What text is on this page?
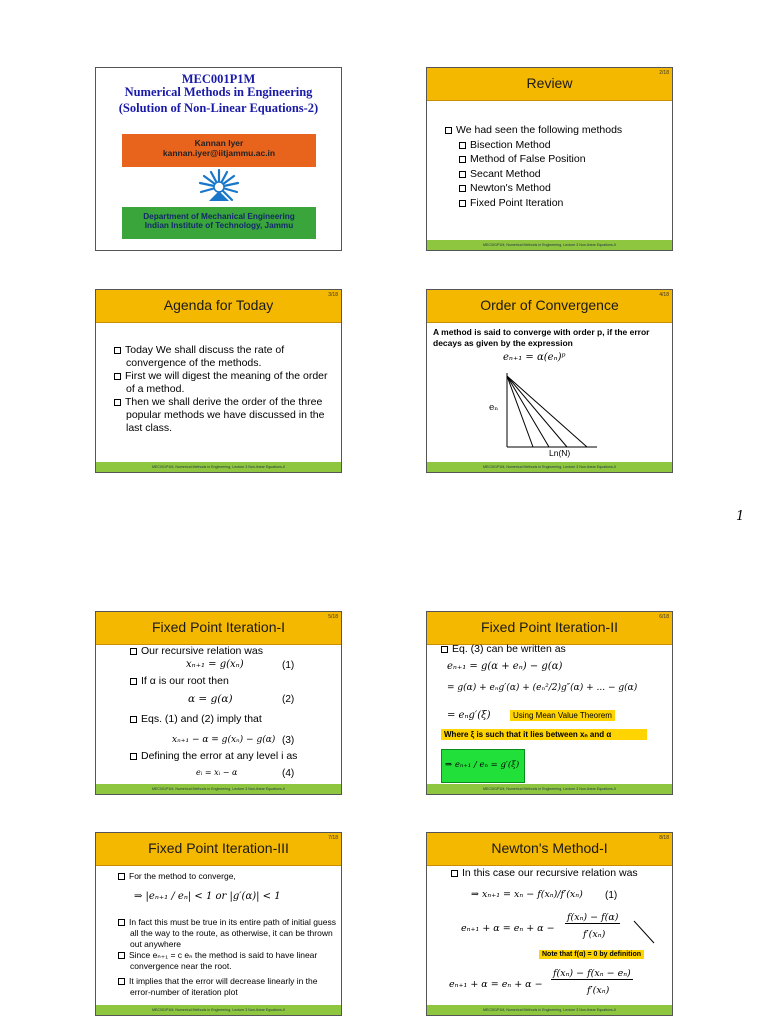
MEC001P1M
Numerical Methods in Engineering
(Solution of Non-Linear Equations-2)
Kannan Iyer
kannan.iyer@iitjammu.ac.in
Department of Mechanical Engineering
Indian Institute of Technology, Jammu
Review
2/18
We had seen the following methods
Bisection Method
Method of False Position
Secant Method
Newton's Method
Fixed Point Iteration
MEC001P1M, Numerical Methods in Engineering, Lecture 3 Non-linear Equations-II
Agenda for Today
3/18
Today We shall discuss the rate of convergence of the methods.
First we will digest the meaning of the order of a method.
Then we shall derive the order of the three popular methods we have discussed in the last class.
MEC001P1M, Numerical Methods in Engineering, Lecture 3 Non-linear Equations-II
Order of Convergence
4/18
A method is said to converge with order p, if the error decays as given by the expression
eₙ₊₁ = α(eₙ)ᵖ
eₙ
Ln(N)
MEC001P1M, Numerical Methods in Engineering, Lecture 3 Non-linear Equations-II
1
Fixed Point Iteration-I
5/18
Our recursive relation was
xₙ₊₁ = g(xₙ)	(1)
If α is our root then
α = g(α)	(2)
Eqs. (1) and (2) imply that
xₙ₊₁ − α = g(xₙ) − g(α) (3)
Defining the error at any level i as
eᵢ = xᵢ − α	(4)
MEC001P1M, Numerical Methods in Engineering, Lecture 3 Non-linear Equations-II
Fixed Point Iteration-II
6/18
Eq. (3) can be written as
eₙ₊₁ = g(α + eₙ) − g(α)
= g(α) + eₙg′(α) + (eₙ²/2)g″(α) + ... − g(α)
= eₙg′(ξ)	Using Mean Value Theorem
Where ξ is such that it lies between xₙ and α
⇒ eₙ₊₁ / eₙ = g′(ξ)
MEC001P1M, Numerical Methods in Engineering, Lecture 3 Non-linear Equations-II
Fixed Point Iteration-III
7/18
For the method to converge,
⇒ |eₙ₊₁ / eₙ| < 1 or |g′(α)| < 1
In fact this must be true in its entire path of initial guess all the way to the route, as otherwise, it can be thrown out anywhere
Since eₙ₊₁ = c eₙ the method is said to have linear convergence near the root.
It implies that the error will decrease linearly in the error-number of iteration plot
MEC001P1M, Numerical Methods in Engineering, Lecture 3 Non-linear Equations-II
Newton's Method-I
8/18
In this case our recursive relation was
⇒ xₙ₊₁ = xₙ − f(xₙ)/f′(xₙ) (1)
eₙ₊₁ + α = eₙ + α −
f(xₙ) − f(α)
f′(xₙ)
Note that f(α) = 0 by definition
eₙ₊₁ + α = eₙ + α −
f(xₙ) − f(xₙ − eₙ)
f′(xₙ)
MEC001P1M, Numerical Methods in Engineering, Lecture 3 Non-linear Equations-II
